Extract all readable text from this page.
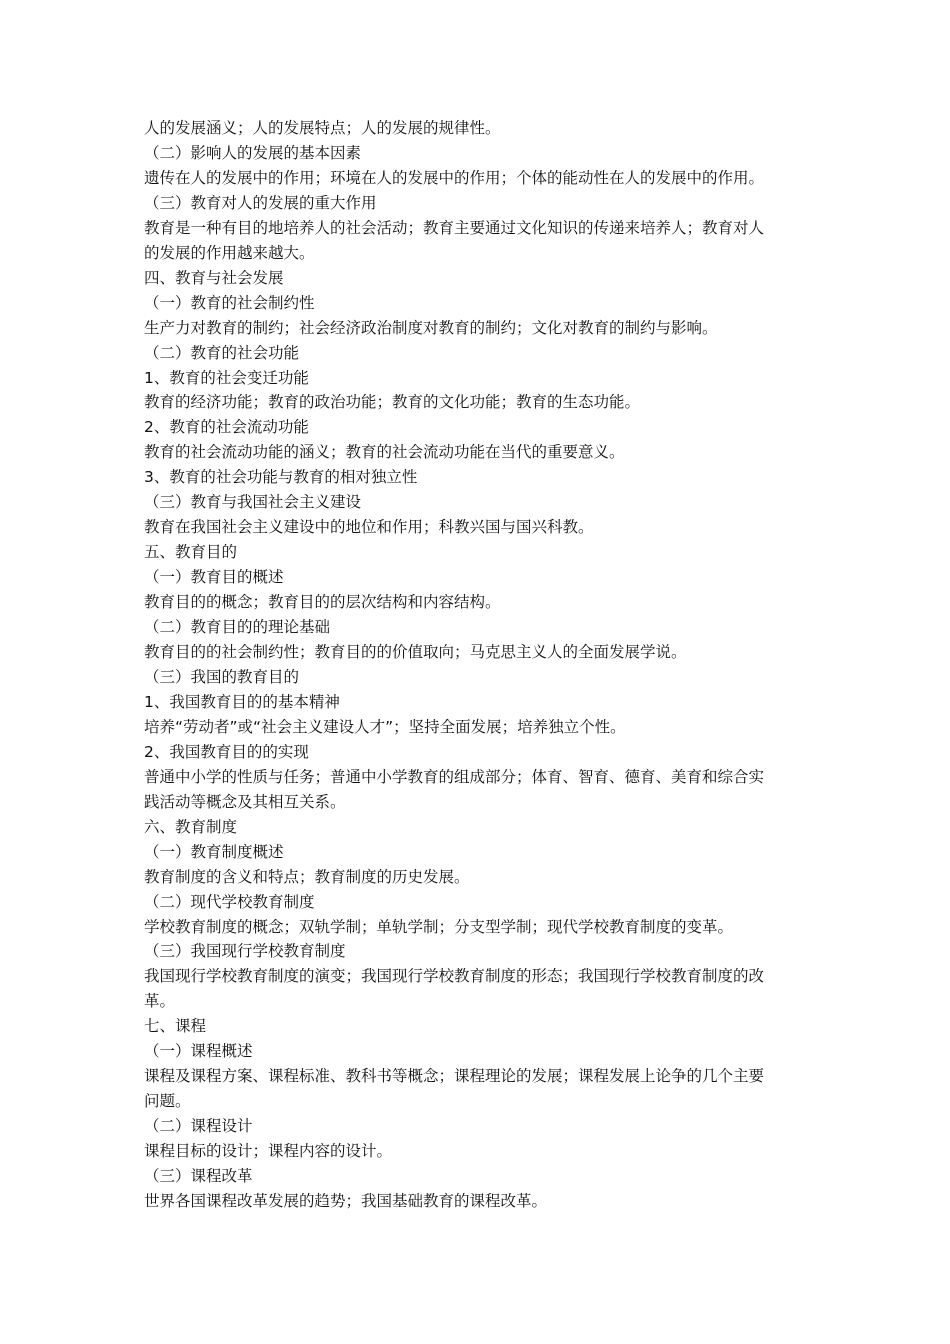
人的发展涵义；人的发展特点；人的发展的规律性。

（二）影响人的发展的基本因素

遗传在人的发展中的作用；环境在人的发展中的作用；个体的能动性在人的发展中的作用。

（三）教育对人的发展的重大作用

教育是一种有目的地培养人的社会活动；教育主要通过文化知识的传递来培养人；教育对人

的发展的作用越来越大。

四、教育与社会发展

（一）教育的社会制约性

生产力对教育的制约；社会经济政治制度对教育的制约；文化对教育的制约与影响。

（二）教育的社会功能

1、教育的社会变迁功能

教育的经济功能；教育的政治功能；教育的文化功能；教育的生态功能。

2、教育的社会流动功能

教育的社会流动功能的涵义；教育的社会流动功能在当代的重要意义。

3、教育的社会功能与教育的相对独立性

（三）教育与我国社会主义建设

教育在我国社会主义建设中的地位和作用；科教兴国与国兴科教。

五、教育目的

（一）教育目的概述

教育目的的概念；教育目的的层次结构和内容结构。

（二）教育目的的理论基础

教育目的的社会制约性；教育目的的价值取向；马克思主义人的全面发展学说。

（三）我国的教育目的

1、我国教育目的的基本精神

培养“劳动者”或“社会主义建设人才”；坚持全面发展；培养独立个性。

2、我国教育目的的实现

普通中小学的性质与任务；普通中小学教育的组成部分；体育、智育、德育、美育和综合实

践活动等概念及其相互关系。

六、教育制度

（一）教育制度概述

教育制度的含义和特点；教育制度的历史发展。

（二）现代学校教育制度

学校教育制度的概念；双轨学制；单轨学制；分支型学制；现代学校教育制度的变革。

（三）我国现行学校教育制度

我国现行学校教育制度的演变；我国现行学校教育制度的形态；我国现行学校教育制度的改

革。

七、课程

（一）课程概述

课程及课程方案、课程标准、教科书等概念；课程理论的发展；课程发展上论争的几个主要

问题。

（二）课程设计

课程目标的设计；课程内容的设计。

（三）课程改革

世界各国课程改革发展的趋势；我国基础教育的课程改革。
